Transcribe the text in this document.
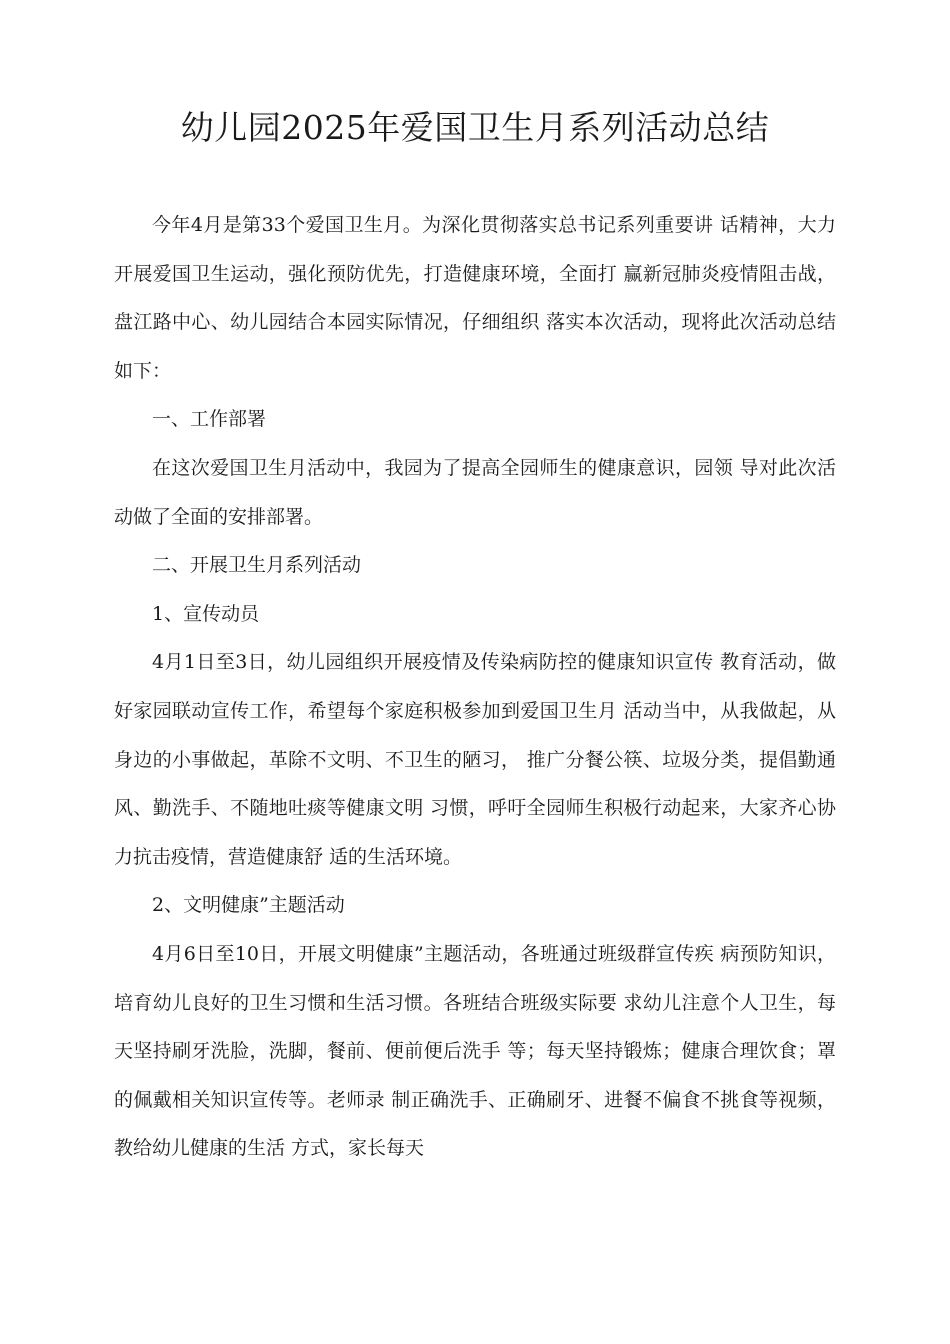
幼儿园2025年爱国卫生月系列活动总结

今年4月是第33个爱国卫生月。为深化贯彻落实总书记系列重要讲 话精神，大力开展爱国卫生运动，强化预防优先，打造健康环境，全面打 赢新冠肺炎疫情阻击战，盘江路中心、幼儿园结合本园实际情况，仔细组织 落实本次活动，现将此次活动总结如下：

一、工作部署

在这次爱国卫生月活动中，我园为了提高全园师生的健康意识，园领 导对此次活动做了全面的安排部署。

二、开展卫生月系列活动

1、宣传动员

4月1日至3日，幼儿园组织开展疫情及传染病防控的健康知识宣传 教育活动，做好家园联动宣传工作，希望每个家庭积极参加到爱国卫生月 活动当中，从我做起，从身边的小事做起，革除不文明、不卫生的陋习， 推广分餐公筷、垃圾分类，提倡勤通风、勤洗手、不随地吐痰等健康文明 习惯，呼吁全园师生积极行动起来，大家齐心协力抗击疫情，营造健康舒 适的生活环境。

2、文明健康”主题活动

4月6日至10日，开展文明健康”主题活动，各班通过班级群宣传疾 病预防知识，培育幼儿良好的卫生习惯和生活习惯。各班结合班级实际要 求幼儿注意个人卫生，每天坚持刷牙洗脸，洗脚，餐前、便前便后洗手 等；每天坚持锻炼；健康合理饮食；罩的佩戴相关知识宣传等。老师录 制正确洗手、正确刷牙、进餐不偏食不挑食等视频，教给幼儿健康的生活 方式，家长每天
